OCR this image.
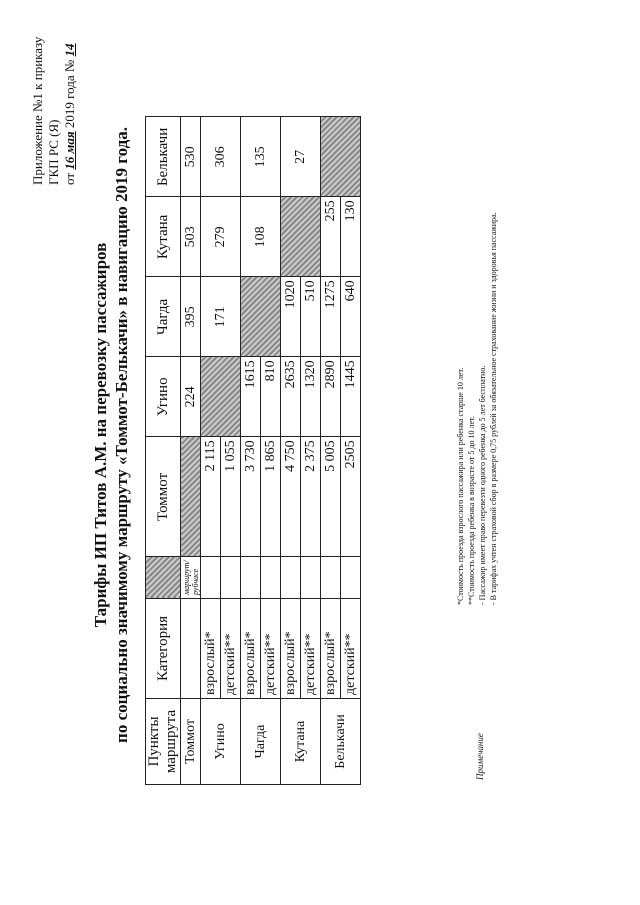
Приложение №1 к приказу ГКП РС (Я) от 16 мая 2019 года № 14
Тарифы ИП Титов А.М. на перевозку пассажиров по социально значимому маршруту «Томмот-Белькачи» в навигацию 2019 года. Пункты маршрута	Категория		Томмот	Угино	Чагда	Кутана	Белькачи
Томмот		маршрут/рубчасе		224	395	503	530
Угино	взрослый*		2 115		171	279	306
	детский**		1 055				
Чагда	взрослый*		3 730	1615		108	135
	детский**		1 865	810			
Кутана	взрослый*		4 750	2635	1020		27
	детский**		2 375	1320	510		
Белькачи	взрослый*		5 005	2890	1275	255	
	детский**		2505	1445	640	130	
Примечание
*Стоимость проезда взрослого пассажира или ребенка старше 10 лет. **Стоимость проезда ребенка в возрасте от 5 до 10 лет. - Пассажир имеет право перевезти одного ребенка до 5 лет бесплатно. - В тарифах учтен страховой сбор в размере 0,75 рублей за обязательное страхование жизни и здоровья пассажира.
